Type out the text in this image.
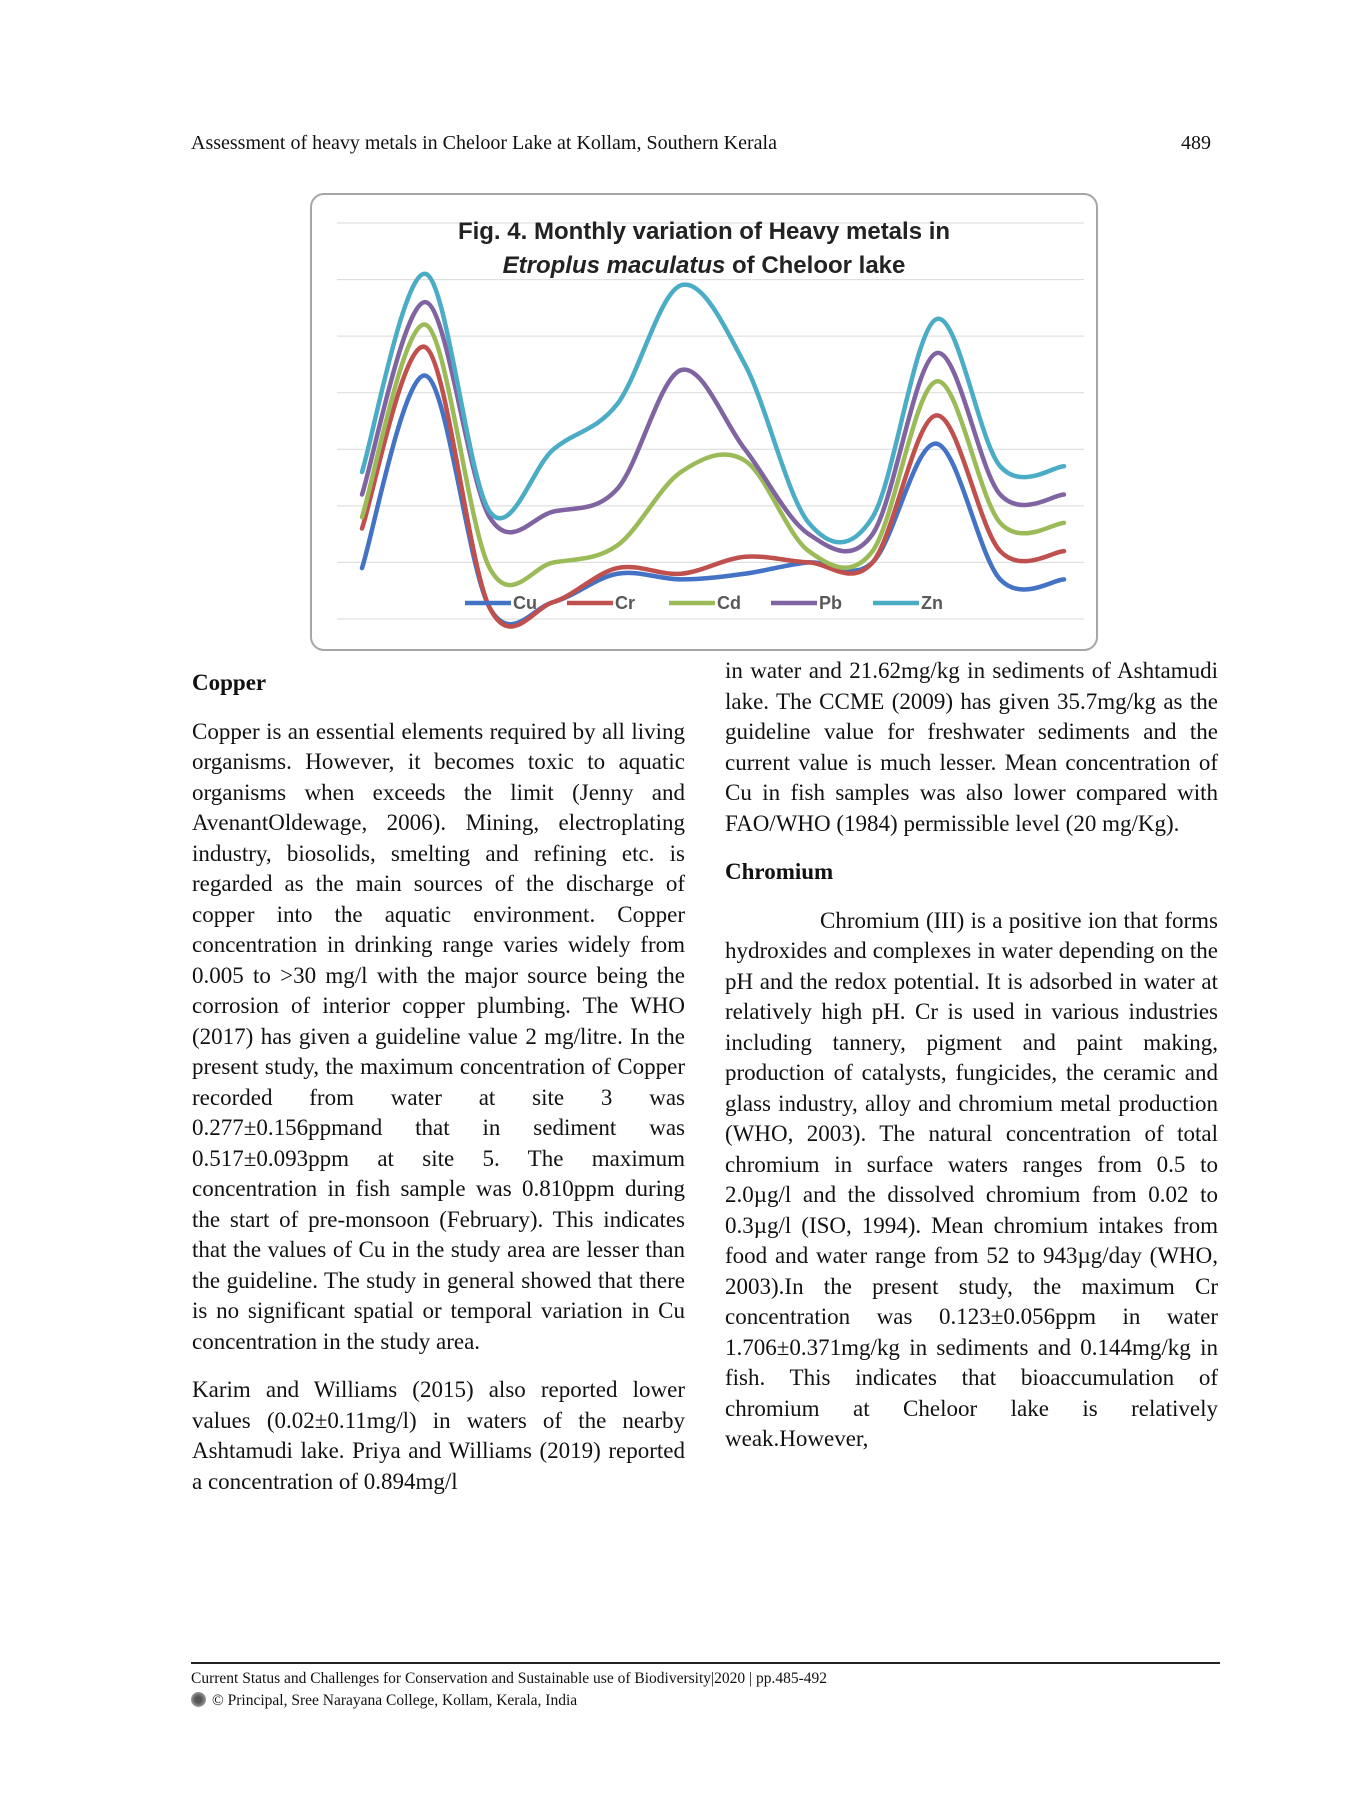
Assessment of heavy metals in Cheloor Lake at Kollam, Southern Kerala	489
Cu	Cr	Cd	Pb	Zn
Fig. 4. Monthly variation of Heavy metals in
Etroplus maculatus of Cheloor lake
Copper

Copper is an essential elements required by all living organisms. However, it becomes toxic to aquatic organisms when exceeds the limit (Jenny and AvenantOldewage, 2006). Mining, electroplating industry, biosolids, smelting and refining etc. is regarded as the main sources of the discharge of copper into the aquatic environment. Copper concentration in drinking range varies widely from 0.005 to >30 mg/l with the major source being the corrosion of interior copper plumbing. The WHO (2017) has given a guideline value 2 mg/litre. In the present study, the maximum concentration of Copper recorded from water at site 3 was 0.277±0.156ppmand that in sediment was 0.517±0.093ppm at site 5. The maximum concentration in fish sample was 0.810ppm during the start of pre-monsoon (February). This indicates that the values of Cu in the study area are lesser than the guideline. The study in general showed that there is no significant spatial or temporal variation in Cu concentration in the study area.

Karim and Williams (2015) also reported lower values (0.02±0.11mg/l) in waters of the nearby Ashtamudi lake. Priya and Williams (2019) reported a concentration of 0.894mg/l

in water and 21.62mg/kg in sediments of Ashtamudi lake. The CCME (2009) has given 35.7mg/kg as the guideline value for freshwater sediments and the current value is much lesser. Mean concentration of Cu in fish samples was also lower compared with FAO/WHO (1984) permissible level (20 mg/Kg).

Chromium

Chromium (III) is a positive ion that forms hydroxides and complexes in water depending on the pH and the redox potential. It is adsorbed in water at relatively high pH. Cr is used in various industries including tannery, pigment and paint making, production of catalysts, fungicides, the ceramic and glass industry, alloy and chromium metal production (WHO, 2003). The natural concentration of total chromium in surface waters ranges from 0.5 to 2.0µg/l and the dissolved chromium from 0.02 to 0.3µg/l (ISO, 1994). Mean chromium intakes from food and water range from 52 to 943µg/day (WHO, 2003).In the present study, the maximum Cr concentration was 0.123±0.056ppm in water 1.706±0.371mg/kg in sediments and 0.144mg/kg in fish. This indicates that bioaccumulation of chromium at Cheloor lake is relatively weak.However,

Current Status and Challenges for Conservation and Sustainable use of Biodiversity|2020 | pp.485-492
© Principal, Sree Narayana College, Kollam, Kerala, India
